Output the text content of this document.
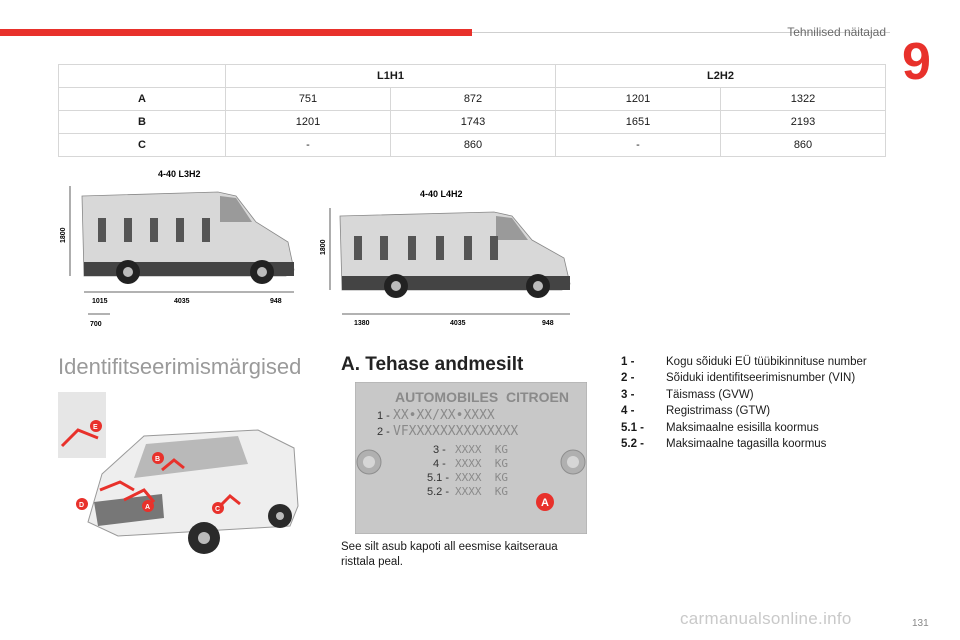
Tehnilised näitajad
9
	L1H1		L2H2	
A	751	872	1201	1322
B	1201	1743	1651	2193
C	-	860	-	860
4-40 L3H2
1800
1015	4035	948
700
4-40 L4H2
1800
1380	4035	948
Identifitseerimismärgised
E
B
D	A	C
A. Tehase andmesilt
AUTOMOBILES  CITROEN
1 - XX•XX/XX•XXXX
2 - VFXXXXXXXXXXXXXX
3 - XXXX  KG
4 - XXXX  KG
5.1 - XXXX  KG
5.2 - XXXX  KG
A
See silt asub kapoti all eesmise kaitseraua risttala peal.
1 -	Kogu sõiduki EÜ tüübikinnituse number
2 -	Sõiduki identifitseerimisnumber (VIN)
3 -	Täismass (GVW)
4 -	Registrimass (GTW)
5.1 -	Maksimaalne esisilla koormus
5.2 -	Maksimaalne tagasilla koormus
carmanualsonline.info	131
